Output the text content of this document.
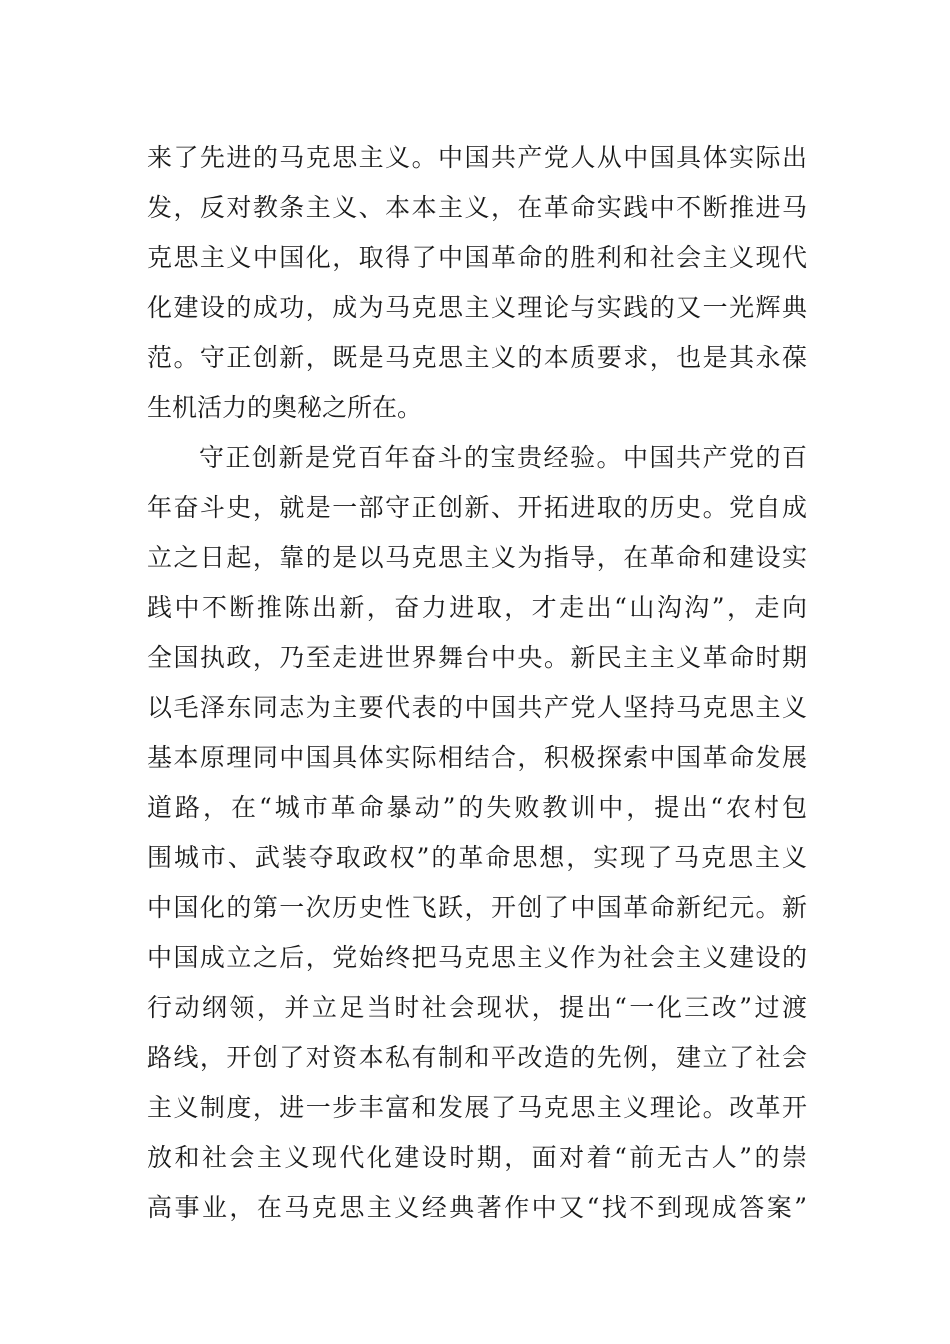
来了先进的马克思主义。中国共产党人从中国具体实际出
发，反对教条主义、本本主义，在革命实践中不断推进马
克思主义中国化，取得了中国革命的胜利和社会主义现代
化建设的成功，成为马克思主义理论与实践的又一光辉典
范。守正创新，既是马克思主义的本质要求，也是其永葆
生机活力的奥秘之所在。
守正创新是党百年奋斗的宝贵经验。中国共产党的百
年奋斗史，就是一部守正创新、开拓进取的历史。党自成
立之日起，靠的是以马克思主义为指导，在革命和建设实
践中不断推陈出新，奋力进取，才走出“山沟沟”，走向
全国执政，乃至走进世界舞台中央。新民主主义革命时期
以毛泽东同志为主要代表的中国共产党人坚持马克思主义
基本原理同中国具体实际相结合，积极探索中国革命发展
道路，在“城市革命暴动”的失败教训中，提出“农村包
围城市、武装夺取政权”的革命思想，实现了马克思主义
中国化的第一次历史性飞跃，开创了中国革命新纪元。新
中国成立之后，党始终把马克思主义作为社会主义建设的
行动纲领，并立足当时社会现状，提出“一化三改”过渡
路线，开创了对资本私有制和平改造的先例，建立了社会
主义制度，进一步丰富和发展了马克思主义理论。改革开
放和社会主义现代化建设时期，面对着“前无古人”的崇
高事业，在马克思主义经典著作中又“找不到现成答案”
